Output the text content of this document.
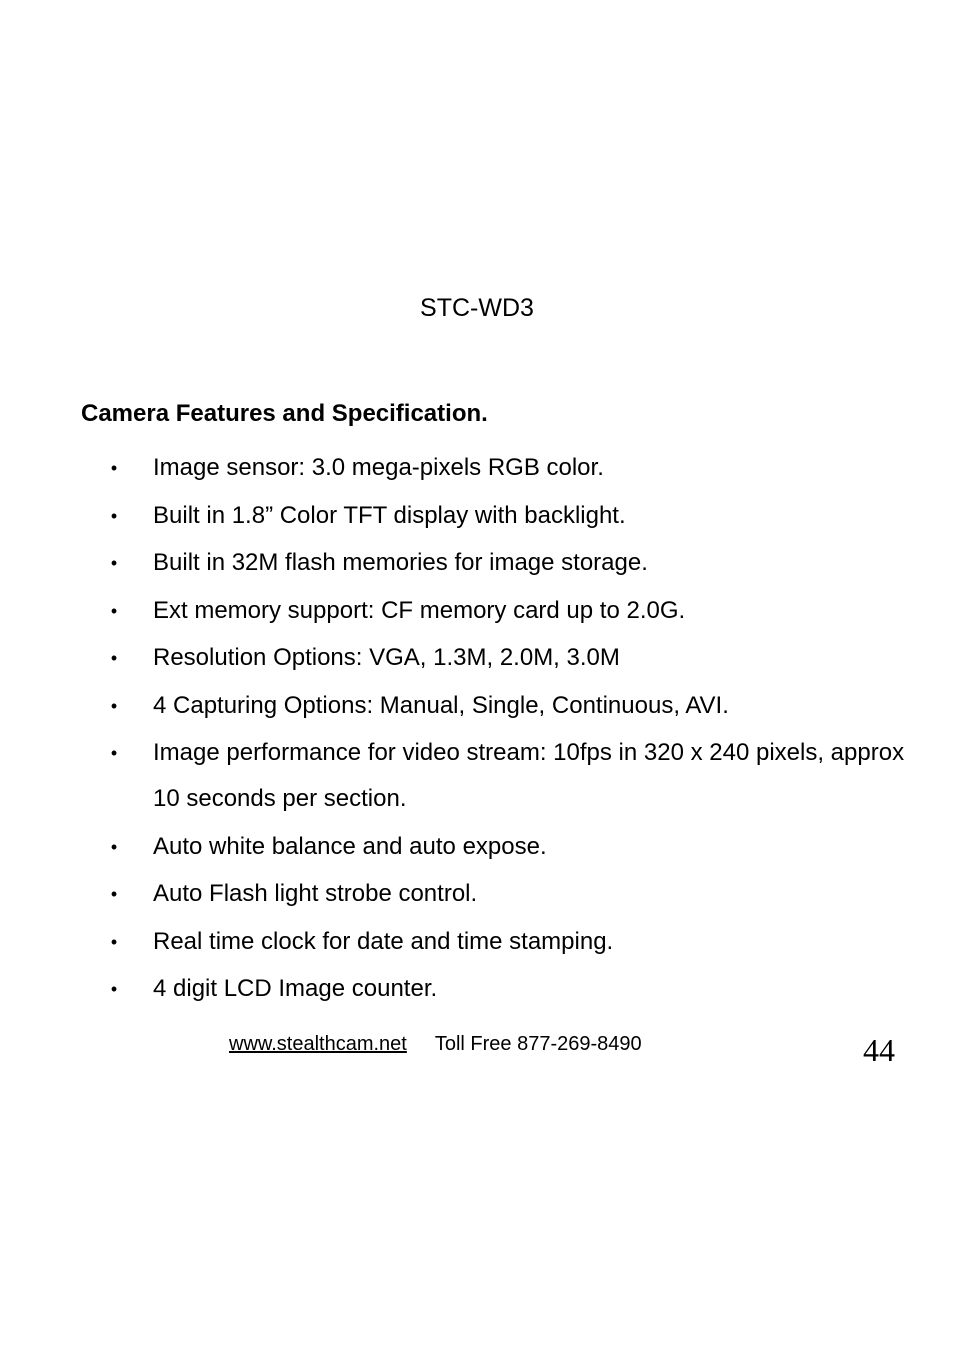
STC-WD3
Camera Features and Specification.
• Image sensor: 3.0 mega-pixels RGB color.
• Built in 1.8” Color TFT display with backlight.
• Built in 32M flash memories for image storage.
• Ext memory support: CF memory card up to 2.0G.
• Resolution Options: VGA, 1.3M, 2.0M, 3.0M
• 4 Capturing Options: Manual, Single, Continuous, AVI.
• Image performance for video stream: 10fps in 320 x 240 pixels, approx 10 seconds per section.
• Auto white balance and auto expose.
• Auto Flash light strobe control.
• Real time clock for date and time stamping.
• 4 digit LCD Image counter.
www.stealthcam.net Toll Free 877-269-8490	44
